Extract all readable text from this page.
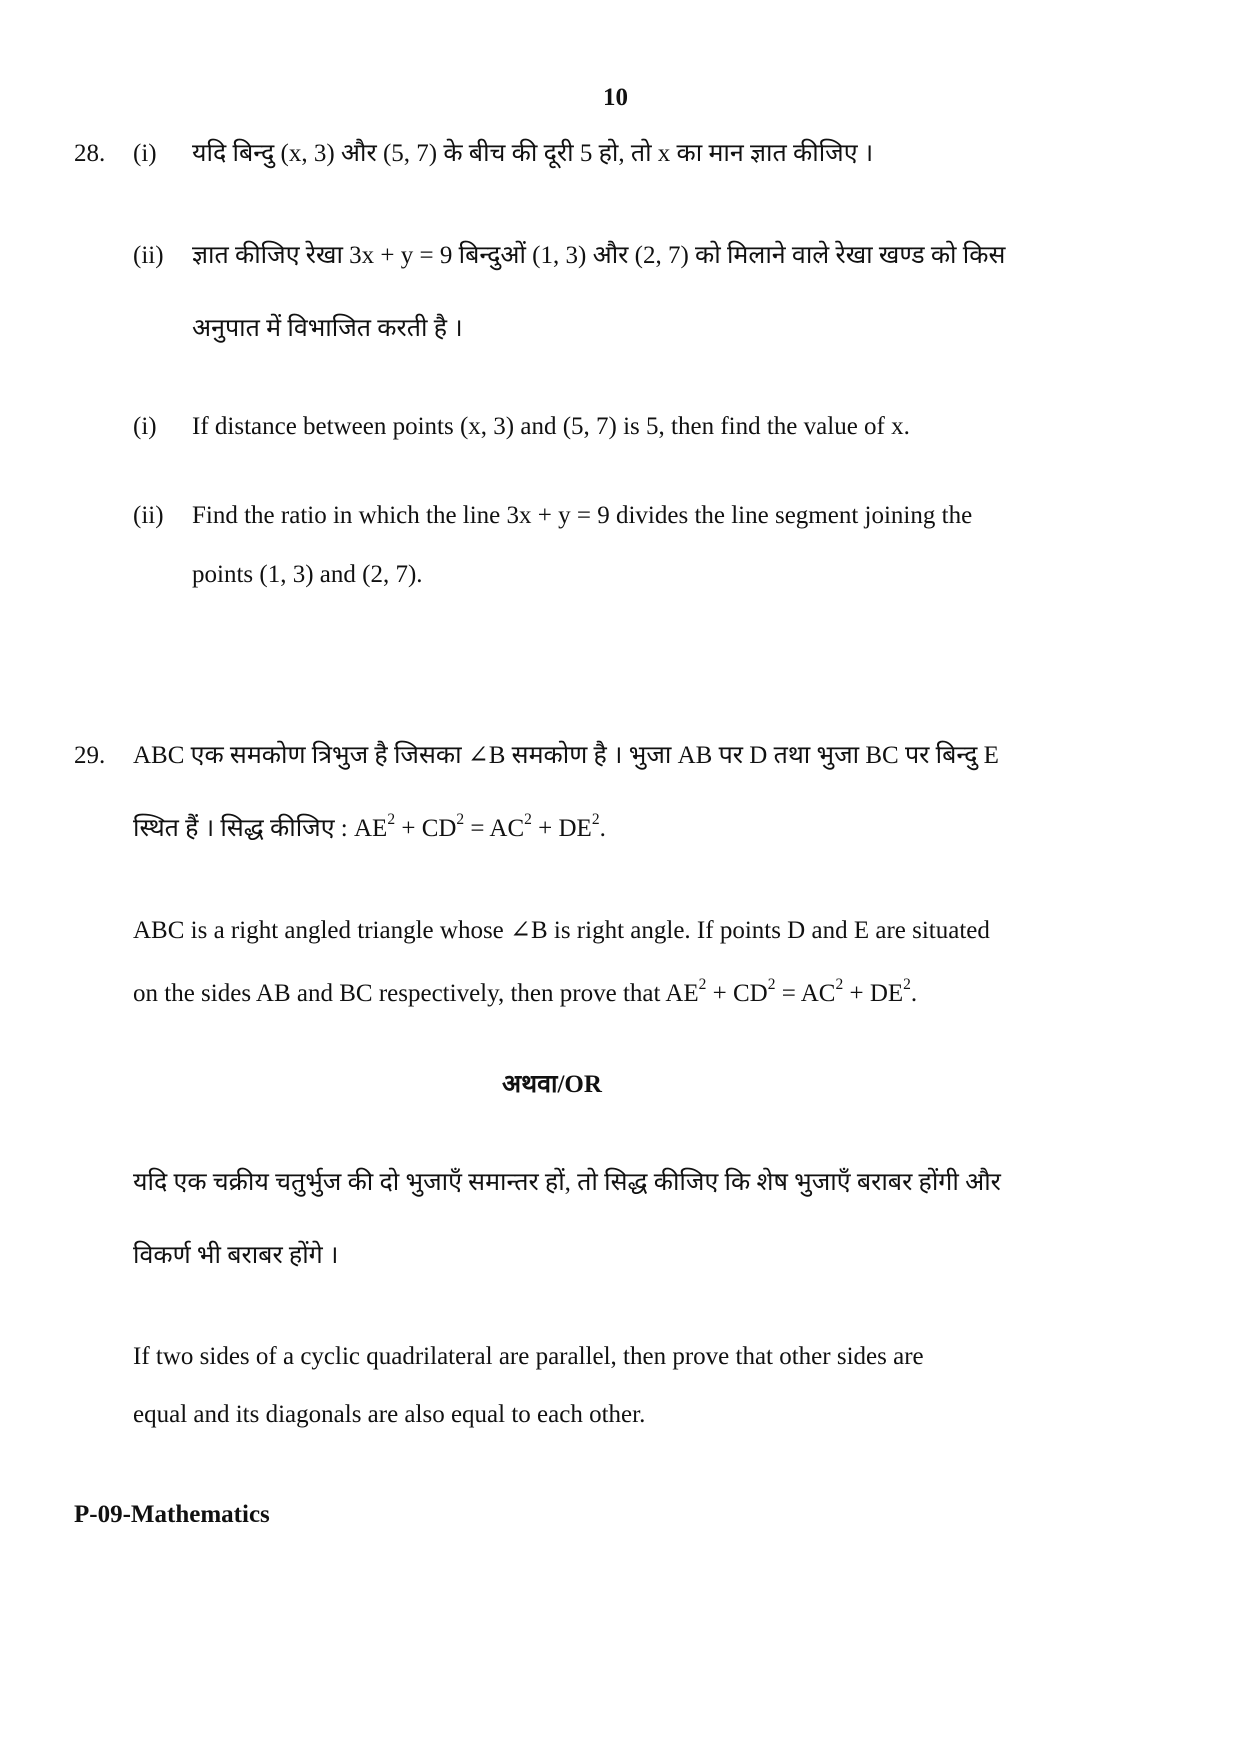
10
28. (i) यदि बिन्दु (x, 3) और (5, 7) के बीच की दूरी 5 हो, तो x का मान ज्ञात कीजिए ।
(ii) ज्ञात कीजिए रेखा 3x + y = 9 बिन्दुओं (1, 3) और (2, 7) को मिलाने वाले रेखा खण्ड को किस
अनुपात में विभाजित करती है ।
(i) If distance between points (x, 3) and (5, 7) is 5, then find the value of x.
(ii) Find the ratio in which the line 3x + y = 9 divides the line segment joining the
points (1, 3) and (2, 7).
29. ABC एक समकोण त्रिभुज है जिसका ∠B समकोण है । भुजा AB पर D तथा भुजा BC पर बिन्दु E
स्थित हैं । सिद्ध कीजिए : $AE^2 + CD^2 = AC^2 + DE^2$.
ABC is a right angled triangle whose ∠B is right angle. If points D and E are situated
on the sides AB and BC respectively, then prove that $AE^2 + CD^2 = AC^2 + DE^2$.
अथवा/OR
यदि एक चक्रीय चतुर्भुज की दो भुजाएँ समान्तर हों, तो सिद्ध कीजिए कि शेष भुजाएँ बराबर होंगी और
विकर्ण भी बराबर होंगे ।
If two sides of a cyclic quadrilateral are parallel, then prove that other sides are
equal and its diagonals are also equal to each other.
P-09-Mathematics
